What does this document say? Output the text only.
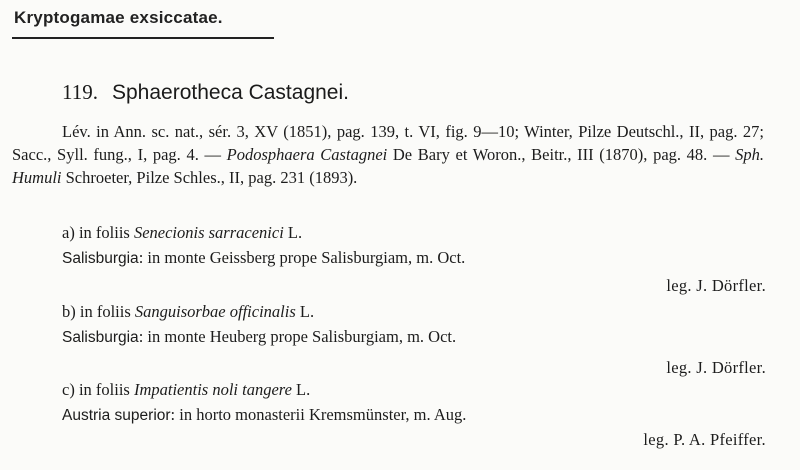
Kryptogamae exsiccatae.
119. Sphaerotheca Castagnei.
Lév. in Ann. sc. nat., sér. 3, XV (1851), pag. 139, t. VI, fig. 9—10; Winter, Pilze Deutschl., II, pag. 27; Sacc., Syll. fung., I, pag. 4. — Podosphaera Castagnei De Bary et Woron., Beitr., III (1870), pag. 48. — Sph. Humuli Schroeter, Pilze Schles., II, pag. 231 (1893).
a) in foliis Senecionis sarracenici L.
Salisburgia: in monte Geissberg prope Salisburgiam, m. Oct.
leg. J. Dörfler.
b) in foliis Sanguisorbae officinalis L.
Salisburgia: in monte Heuberg prope Salisburgiam, m. Oct.
leg. J. Dörfler.
c) in foliis Impatientis noli tangere L.
Austria superior: in horto monasterii Kremsmünster, m. Aug.
leg. P. A. Pfeiffer.
